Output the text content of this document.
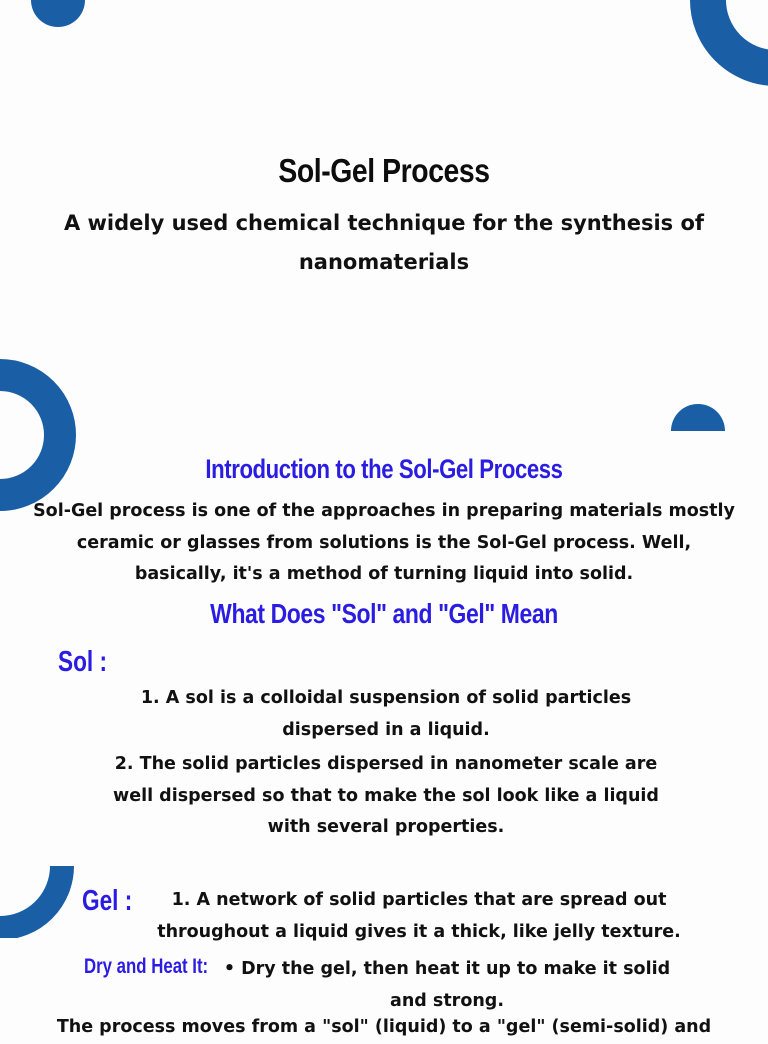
Sol-Gel Process

A widely used chemical technique for the synthesis of nanomaterials

Introduction to the Sol-Gel Process

Sol-Gel process is one of the approaches in preparing materials mostly ceramic or glasses from solutions is the Sol-Gel process. Well, basically, it's a method of turning liquid into solid.

What Does "Sol" and "Gel" Mean
Sol :

1. A sol is a colloidal suspension of solid particles dispersed in a liquid.

2. The solid particles dispersed in nanometer scale are well dispersed so that to make the sol look like a liquid with several properties.

Gel :	1. A network of solid particles that are spread out throughout a liquid gives it a thick, like jelly texture.

Dry and Heat It: • Dry the gel, then heat it up to make it solid and strong.

The process moves from a "sol" (liquid) to a "gel" (semi-solid) and
